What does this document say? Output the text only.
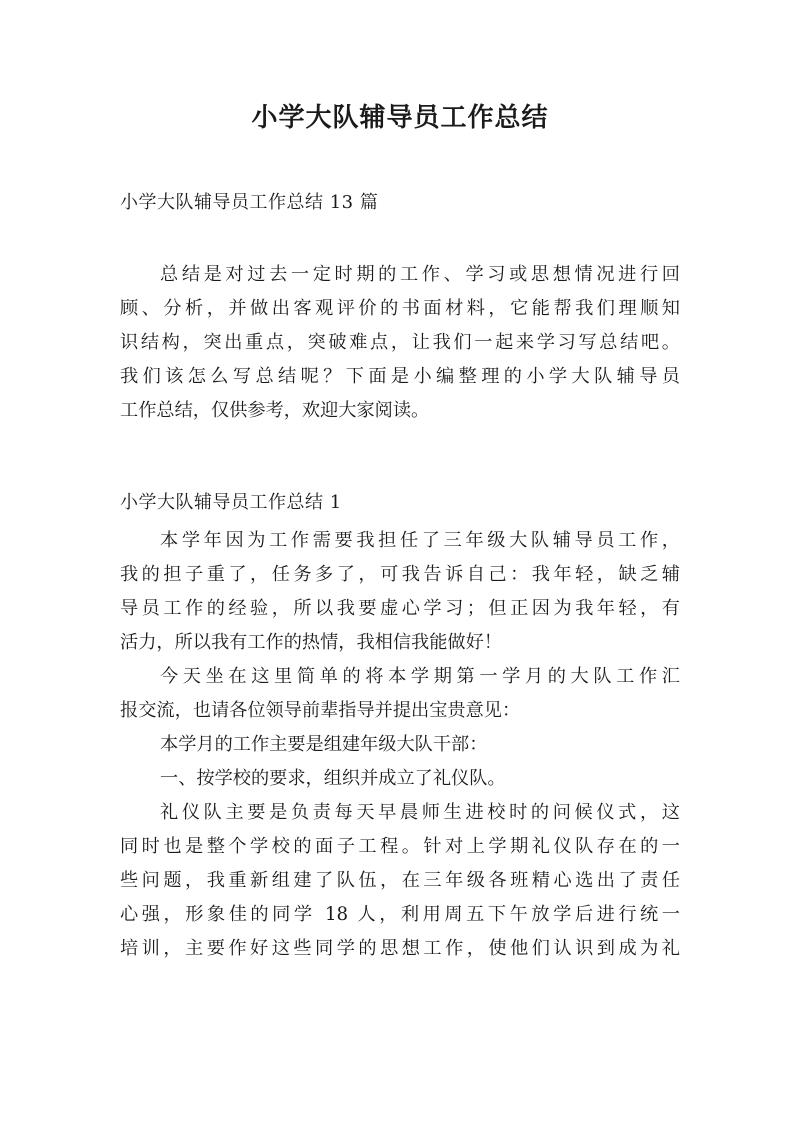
小学大队辅导员工作总结
小学大队辅导员工作总结 13 篇
总结是对过去一定时期的工作、学习或思想情况进行回
顾、分析，并做出客观评价的书面材料，它能帮我们理顺知
识结构，突出重点，突破难点，让我们一起来学习写总结吧。
我们该怎么写总结呢？下面是小编整理的小学大队辅导员
工作总结，仅供参考，欢迎大家阅读。
小学大队辅导员工作总结 1
本学年因为工作需要我担任了三年级大队辅导员工作，
我的担子重了，任务多了，可我告诉自己：我年轻，缺乏辅
导员工作的经验，所以我要虚心学习；但正因为我年轻，有
活力，所以我有工作的热情，我相信我能做好！
今天坐在这里简单的将本学期第一学月的大队工作汇
报交流，也请各位领导前辈指导并提出宝贵意见：
本学月的工作主要是组建年级大队干部：
一、按学校的要求，组织并成立了礼仪队。
礼仪队主要是负责每天早晨师生进校时的问候仪式，这
同时也是整个学校的面子工程。针对上学期礼仪队存在的一
些问题，我重新组建了队伍，在三年级各班精心选出了责任
心强，形象佳的同学 18 人，利用周五下午放学后进行统一
培训，主要作好这些同学的思想工作，使他们认识到成为礼
